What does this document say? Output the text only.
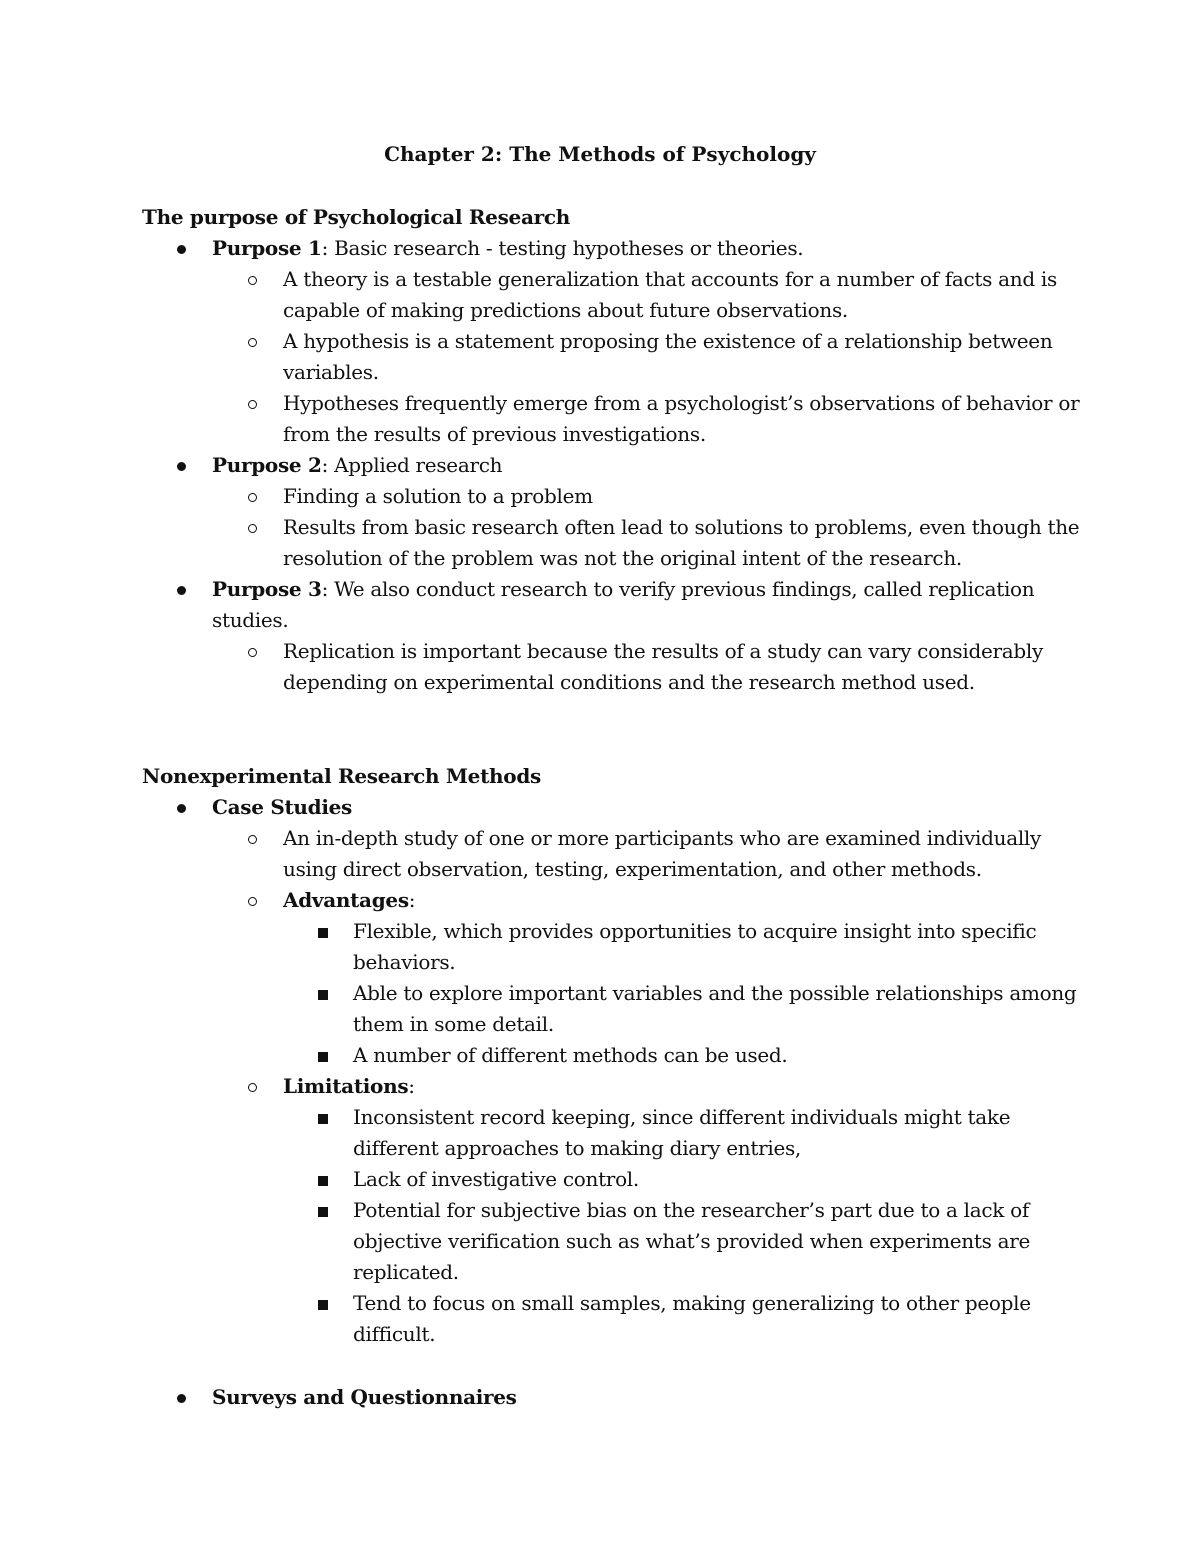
Chapter 2: The Methods of Psychology
The purpose of Psychological Research
Purpose 1: Basic research - testing hypotheses or theories.
A theory is a testable generalization that accounts for a number of facts and is
capable of making predictions about future observations.
A hypothesis is a statement proposing the existence of a relationship between
variables.
Hypotheses frequently emerge from a psychologist’s observations of behavior or
from the results of previous investigations.
Purpose 2: Applied research
Finding a solution to a problem
Results from basic research often lead to solutions to problems, even though the
resolution of the problem was not the original intent of the research.
Purpose 3: We also conduct research to verify previous findings, called replication
studies.
Replication is important because the results of a study can vary considerably
depending on experimental conditions and the research method used.
Nonexperimental Research Methods
Case Studies
An in-depth study of one or more participants who are examined individually
using direct observation, testing, experimentation, and other methods.
Advantages:
Flexible, which provides opportunities to acquire insight into specific
behaviors.
Able to explore important variables and the possible relationships among
them in some detail.
A number of different methods can be used.
Limitations:
Inconsistent record keeping, since different individuals might take
different approaches to making diary entries,
Lack of investigative control.
Potential for subjective bias on the researcher’s part due to a lack of
objective verification such as what’s provided when experiments are
replicated.
Tend to focus on small samples, making generalizing to other people
difficult.
Surveys and Questionnaires
